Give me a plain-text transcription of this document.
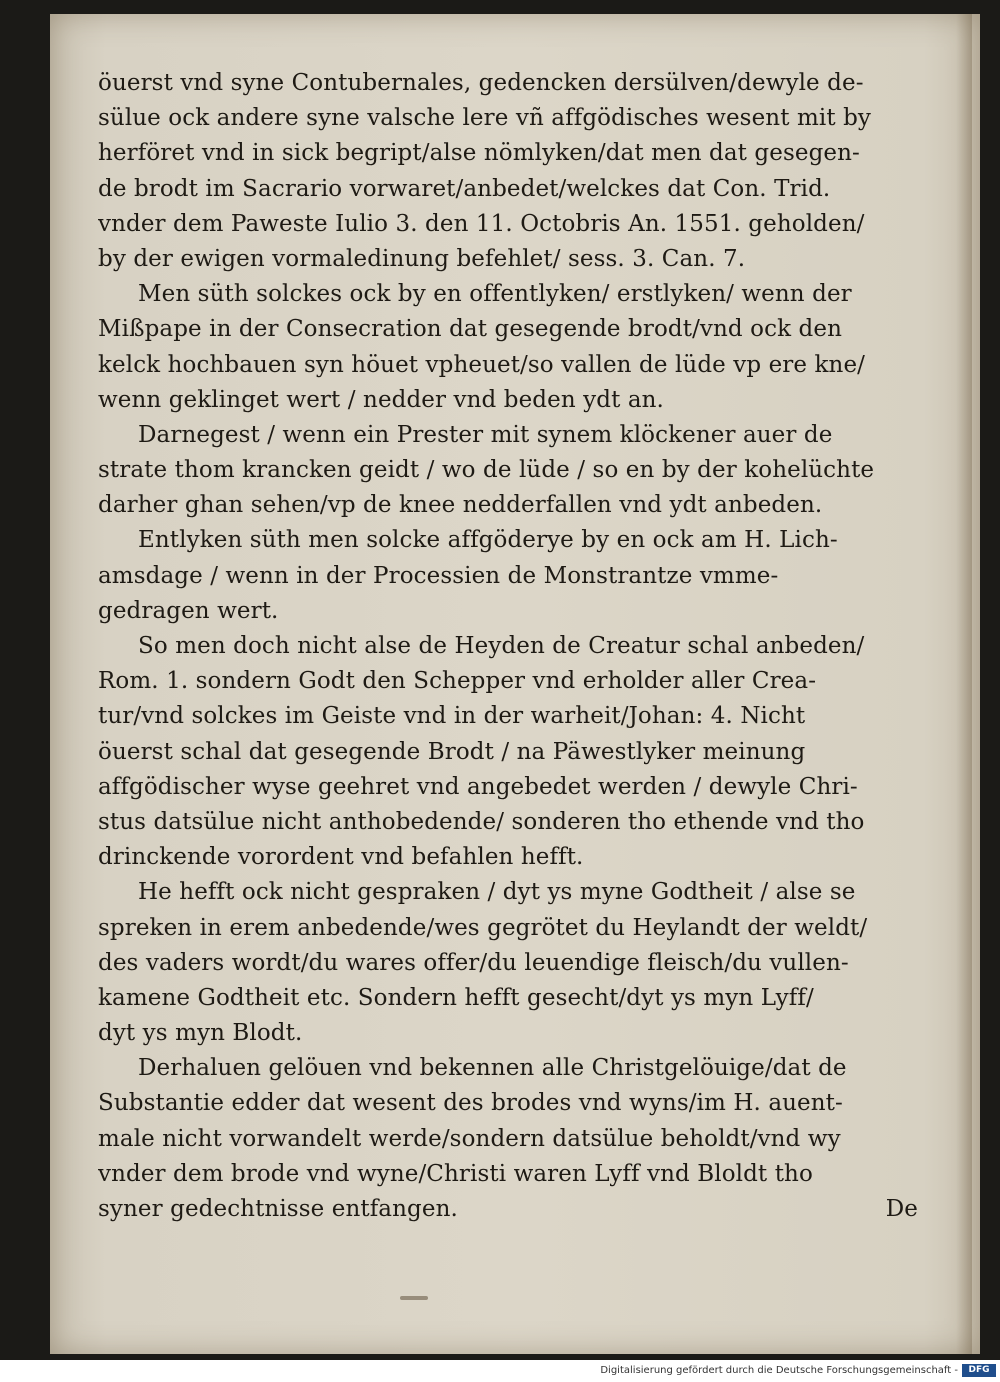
öuerst vnd syne Contubernales, gedencken dersülven/dewyle de-
sülue ock andere syne valsche lere vñ affgödisches wesent mit by
herföret vnd in sick begript/alse nömlyken/dat men dat gesegen-
de brodt im Sacrario vorwaret/anbedet/welckes dat Con. Trid.
vnder dem Paweste Iulio 3. den 11. Octobris An. 1551. geholden/
by der ewigen vormaledinung befehlet/ sess. 3. Can. 7.
Men süth solckes ock by en offentlyken/ erstlyken/ wenn der
Mißpape in der Consecration dat gesegende brodt/vnd ock den
kelck hochbauen syn höuet vpheuet/so vallen de lüde vp ere kne/
wenn geklinget wert / nedder vnd beden ydt an.
Darnegest / wenn ein Prester mit synem klöckener auer de
strate thom krancken geidt / wo de lüde / so en by der kohelüchte
darher ghan sehen/vp de knee nedderfallen vnd ydt anbeden.
Entlyken süth men solcke affgöderye by en ock am H. Lich-
amsdage / wenn in der Processien de Monstrantze vmme-
gedragen wert.
So men doch nicht alse de Heyden de Creatur schal anbeden/
Rom. 1. sondern Godt den Schepper vnd erholder aller Crea-
tur/vnd solckes im Geiste vnd in der warheit/Johan: 4. Nicht
öuerst schal dat gesegende Brodt / na Päwestlyker meinung
affgödischer wyse geehret vnd angebedet werden / dewyle Chri-
stus datsülue nicht anthobedende/ sonderen tho ethende vnd tho
drinckende vorordent vnd befahlen hefft.
He hefft ock nicht gespraken / dyt ys myne Godtheit / alse se
spreken in erem anbedende/wes gegrötet du Heylandt der weldt/
des vaders wordt/du wares offer/du leuendige fleisch/du vullen-
kamene Godtheit etc. Sondern hefft gesecht/dyt ys myn Lyff/
dyt ys myn Blodt.
Derhaluen gelöuen vnd bekennen alle Christgelöuige/dat de
Substantie edder dat wesent des brodes vnd wyns/im H. auent-
male nicht vorwandelt werde/sondern datsülue beholdt/vnd wy
vnder dem brode vnd wyne/Christi waren Lyff vnd Bloldt tho
syner gedechtnisse entfangen.	De
Digitalisierung gefördert durch die Deutsche Forschungsgemeinschaft -	DFG
